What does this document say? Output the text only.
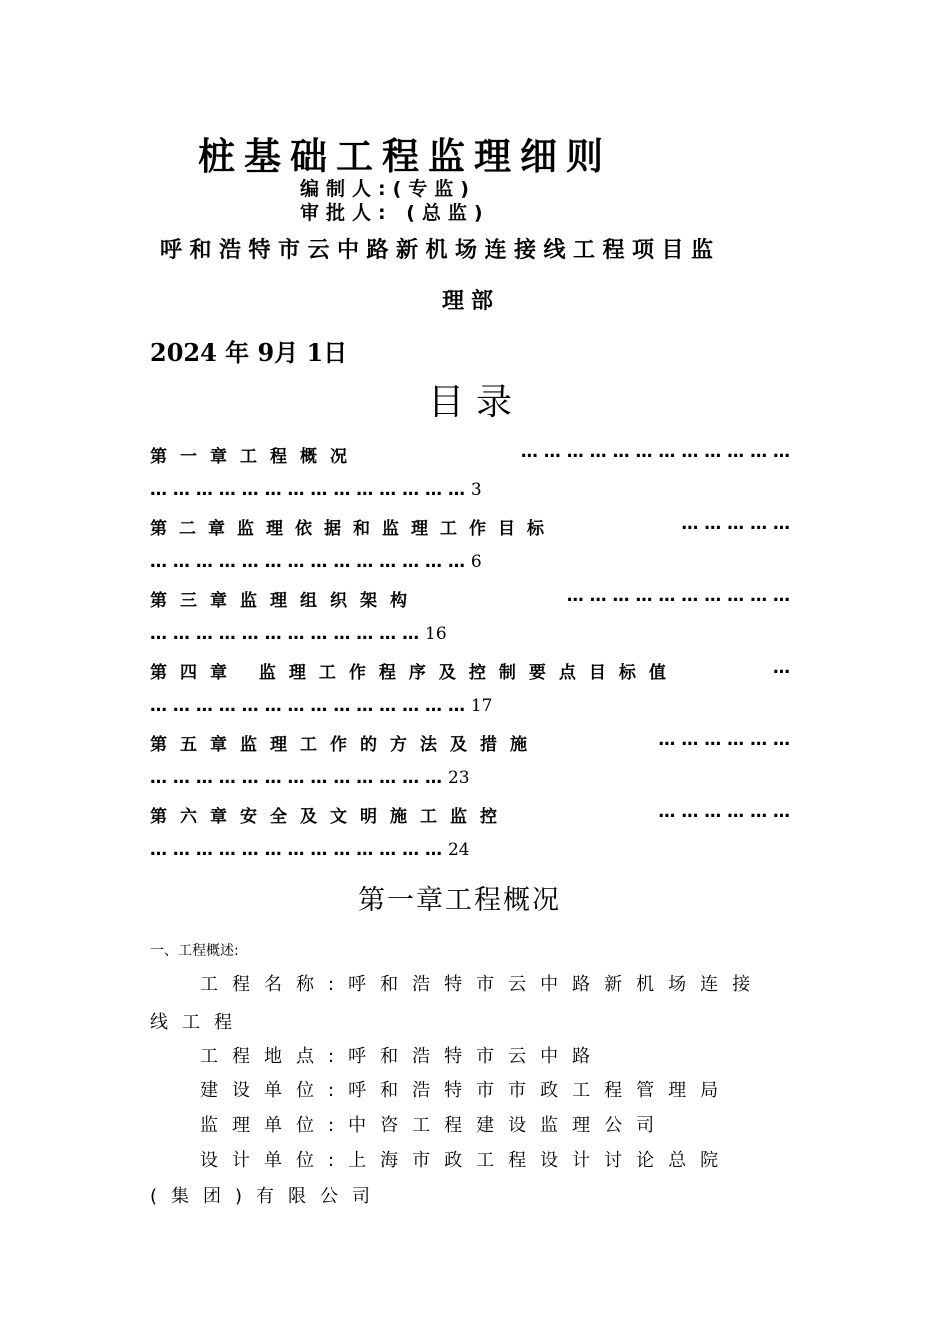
桩基础工程监理细则
编制人:(专监)
审批人: (总监)
呼和浩特市云中路新机场连接线工程项目监
理部
2024 年 9月 1日
目录
第一章工程概况	… … … … … … … … … … … …
… … … … … … … … … … … … … … 3
第二章监理依据和监理工作目标	… … … … …
… … … … … … … … … … … … … … 6
第三章监理组织架构	… … … … … … … … … …
… … … … … … … … … … … … 16
第四章 监理工作程序及控制要点目标值	…
… … … … … … … … … … … … … … 17
第五章监理工作的方法及措施	… … … … … …
… … … … … … … … … … … … … 23
第六章安全及文明施工监控	… … … … … …
… … … … … … … … … … … … … 24
第一章工程概况
一、工程概述:
工程名称:呼和浩特市云中路新机场连接
线工程
工程地点:呼和浩特市云中路
建设单位:呼和浩特市市政工程管理局
监理单位:中咨工程建设监理公司
设计单位:上海市政工程设计讨论总院
(集团)有限公司
